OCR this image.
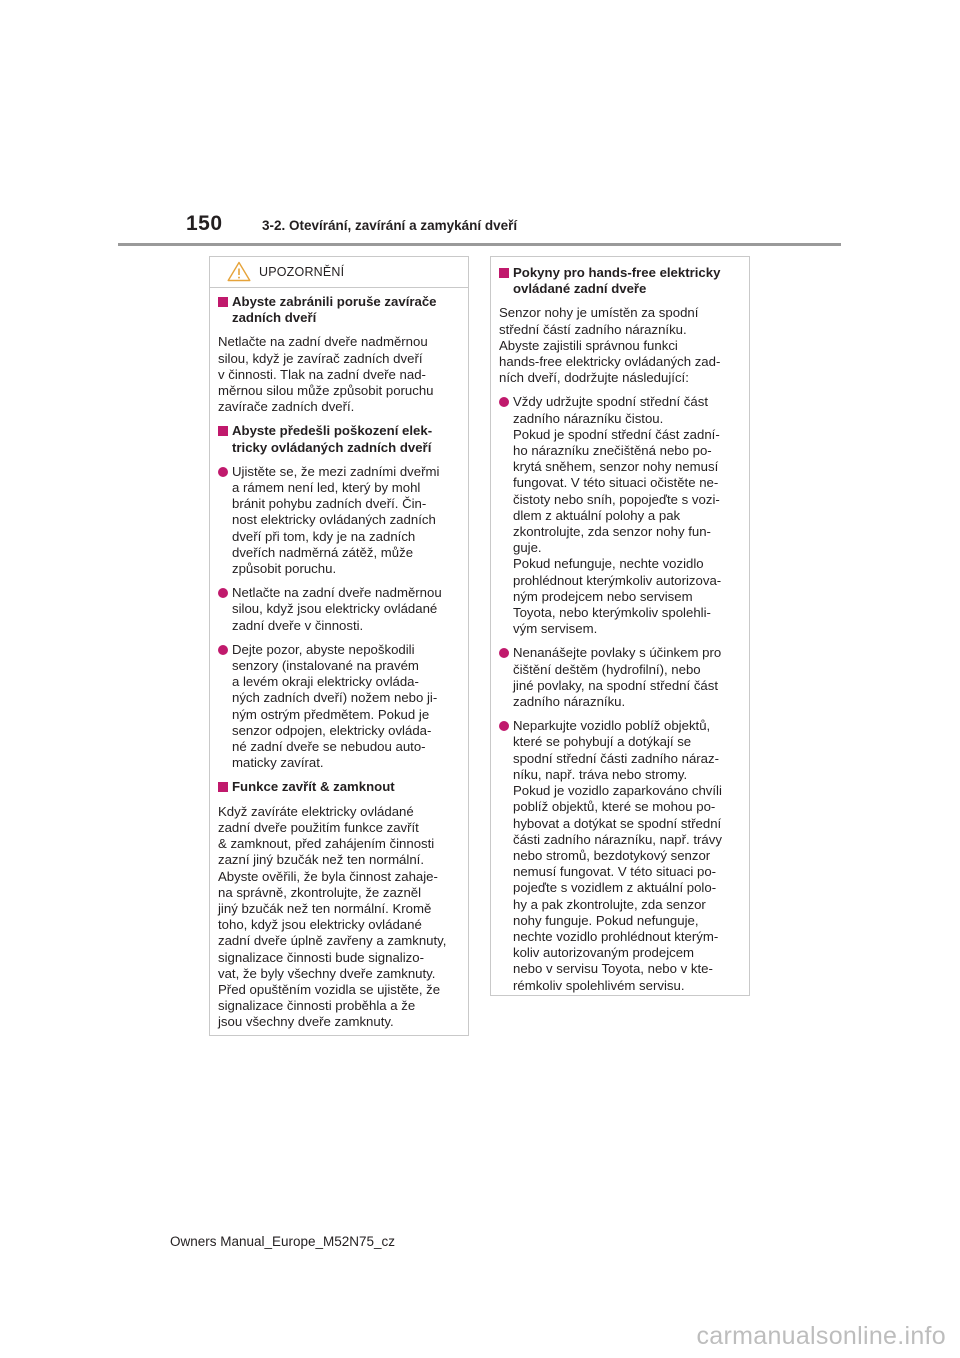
150	3-2. Otevírání, zavírání a zamykání dveří
UPOZORNĚNÍ
Abyste zabránili poruše zavírače
zadních dveří
Netlačte na zadní dveře nadměrnou
silou, když je zavírač zadních dveří
v činnosti. Tlak na zadní dveře nad-
měrnou silou může způsobit poruchu
zavírače zadních dveří.
Abyste předešli poškození elek-
tricky ovládaných zadních dveří
Ujistěte se, že mezi zadními dveřmi
a rámem není led, který by mohl
bránit pohybu zadních dveří. Čin-
nost elektricky ovládaných zadních
dveří při tom, kdy je na zadních
dveřích nadměrná zátěž, může
způsobit poruchu.
Netlačte na zadní dveře nadměrnou
silou, když jsou elektricky ovládané
zadní dveře v činnosti.
Dejte pozor, abyste nepoškodili
senzory (instalované na pravém
a levém okraji elektricky ovláda-
ných zadních dveří) nožem nebo ji-
ným ostrým předmětem. Pokud je
senzor odpojen, elektricky ovláda-
né zadní dveře se nebudou auto-
maticky zavírat.
Funkce zavřít & zamknout
Když zavíráte elektricky ovládané
zadní dveře použitím funkce zavřít
& zamknout, před zahájením činnosti
zazní jiný bzučák než ten normální.
Abyste ověřili, že byla činnost zahaje-
na správně, zkontrolujte, že zazněl
jiný bzučák než ten normální. Kromě
toho, když jsou elektricky ovládané
zadní dveře úplně zavřeny a zamknuty,
signalizace činnosti bude signalizo-
vat, že byly všechny dveře zamknuty.
Před opuštěním vozidla se ujistěte, že
signalizace činnosti proběhla a že
jsou všechny dveře zamknuty.
Pokyny pro hands-free elektricky
ovládané zadní dveře
Senzor nohy je umístěn za spodní
střední částí zadního nárazníku.
Abyste zajistili správnou funkci
hands-free elektricky ovládaných zad-
ních dveří, dodržujte následující:
Vždy udržujte spodní střední část
zadního nárazníku čistou.
Pokud je spodní střední část zadní-
ho nárazníku znečištěná nebo po-
krytá sněhem, senzor nohy nemusí
fungovat. V této situaci očistěte ne-
čistoty nebo sníh, popojeďte s vozi-
dlem z aktuální polohy a pak
zkontrolujte, zda senzor nohy fun-
guje.
Pokud nefunguje, nechte vozidlo
prohlédnout kterýmkoliv autorizova-
ným prodejcem nebo servisem
Toyota, nebo kterýmkoliv spolehli-
vým servisem.
Nenanášejte povlaky s účinkem pro
čištění deštěm (hydrofilní), nebo
jiné povlaky, na spodní střední část
zadního nárazníku.
Neparkujte vozidlo poblíž objektů,
které se pohybují a dotýkají se
spodní střední části zadního náraz-
níku, např. tráva nebo stromy.
Pokud je vozidlo zaparkováno chvíli
poblíž objektů, které se mohou po-
hybovat a dotýkat se spodní střední
části zadního nárazníku, např. trávy
nebo stromů, bezdotykový senzor
nemusí fungovat. V této situaci po-
pojeďte s vozidlem z aktuální polo-
hy a pak zkontrolujte, zda senzor
nohy funguje. Pokud nefunguje,
nechte vozidlo prohlédnout kterým-
koliv autorizovaným prodejcem
nebo v servisu Toyota, nebo v kte-
rémkoliv spolehlivém servisu.
Owners Manual_Europe_M52N75_cz
carmanualsonline.info
